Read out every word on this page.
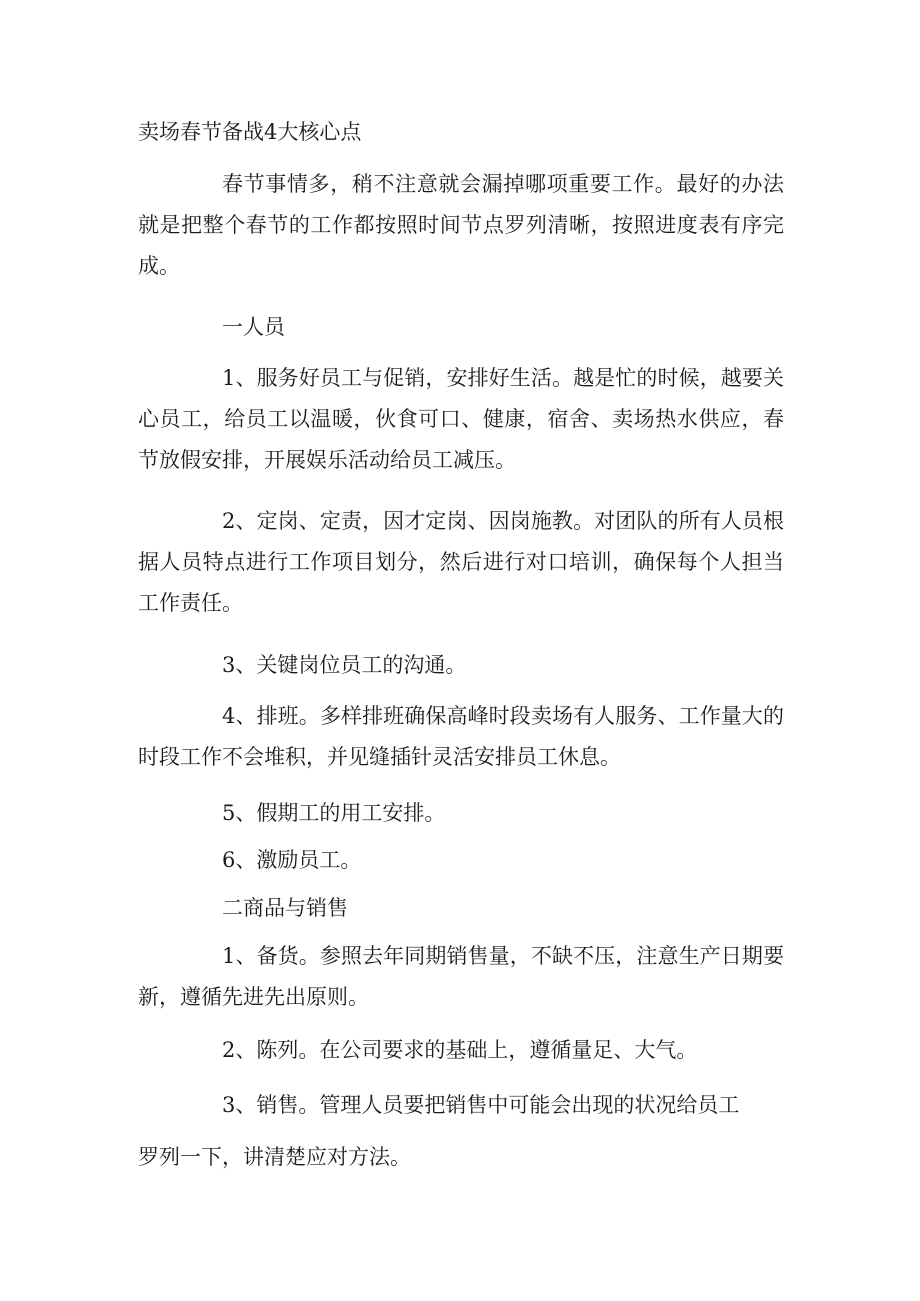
卖场春节备战4大核心点

春节事情多，稍不注意就会漏掉哪项重要工作。最好的办法就是把整个春节的工作都按照时间节点罗列清晰，按照进度表有序完成。

一人员

1、服务好员工与促销，安排好生活。越是忙的时候，越要关心员工，给员工以温暖，伙食可口、健康，宿舍、卖场热水供应，春节放假安排，开展娱乐活动给员工减压。

2、定岗、定责，因才定岗、因岗施教。对团队的所有人员根据人员特点进行工作项目划分，然后进行对口培训，确保每个人担当工作责任。

3、关键岗位员工的沟通。

4、排班。多样排班确保高峰时段卖场有人服务、工作量大的时段工作不会堆积，并见缝插针灵活安排员工休息。

5、假期工的用工安排。

6、激励员工。

二商品与销售

1、备货。参照去年同期销售量，不缺不压，注意生产日期要新，遵循先进先出原则。

2、陈列。在公司要求的基础上，遵循量足、大气。

3、销售。管理人员要把销售中可能会出现的状况给员工

罗列一下，讲清楚应对方法。
